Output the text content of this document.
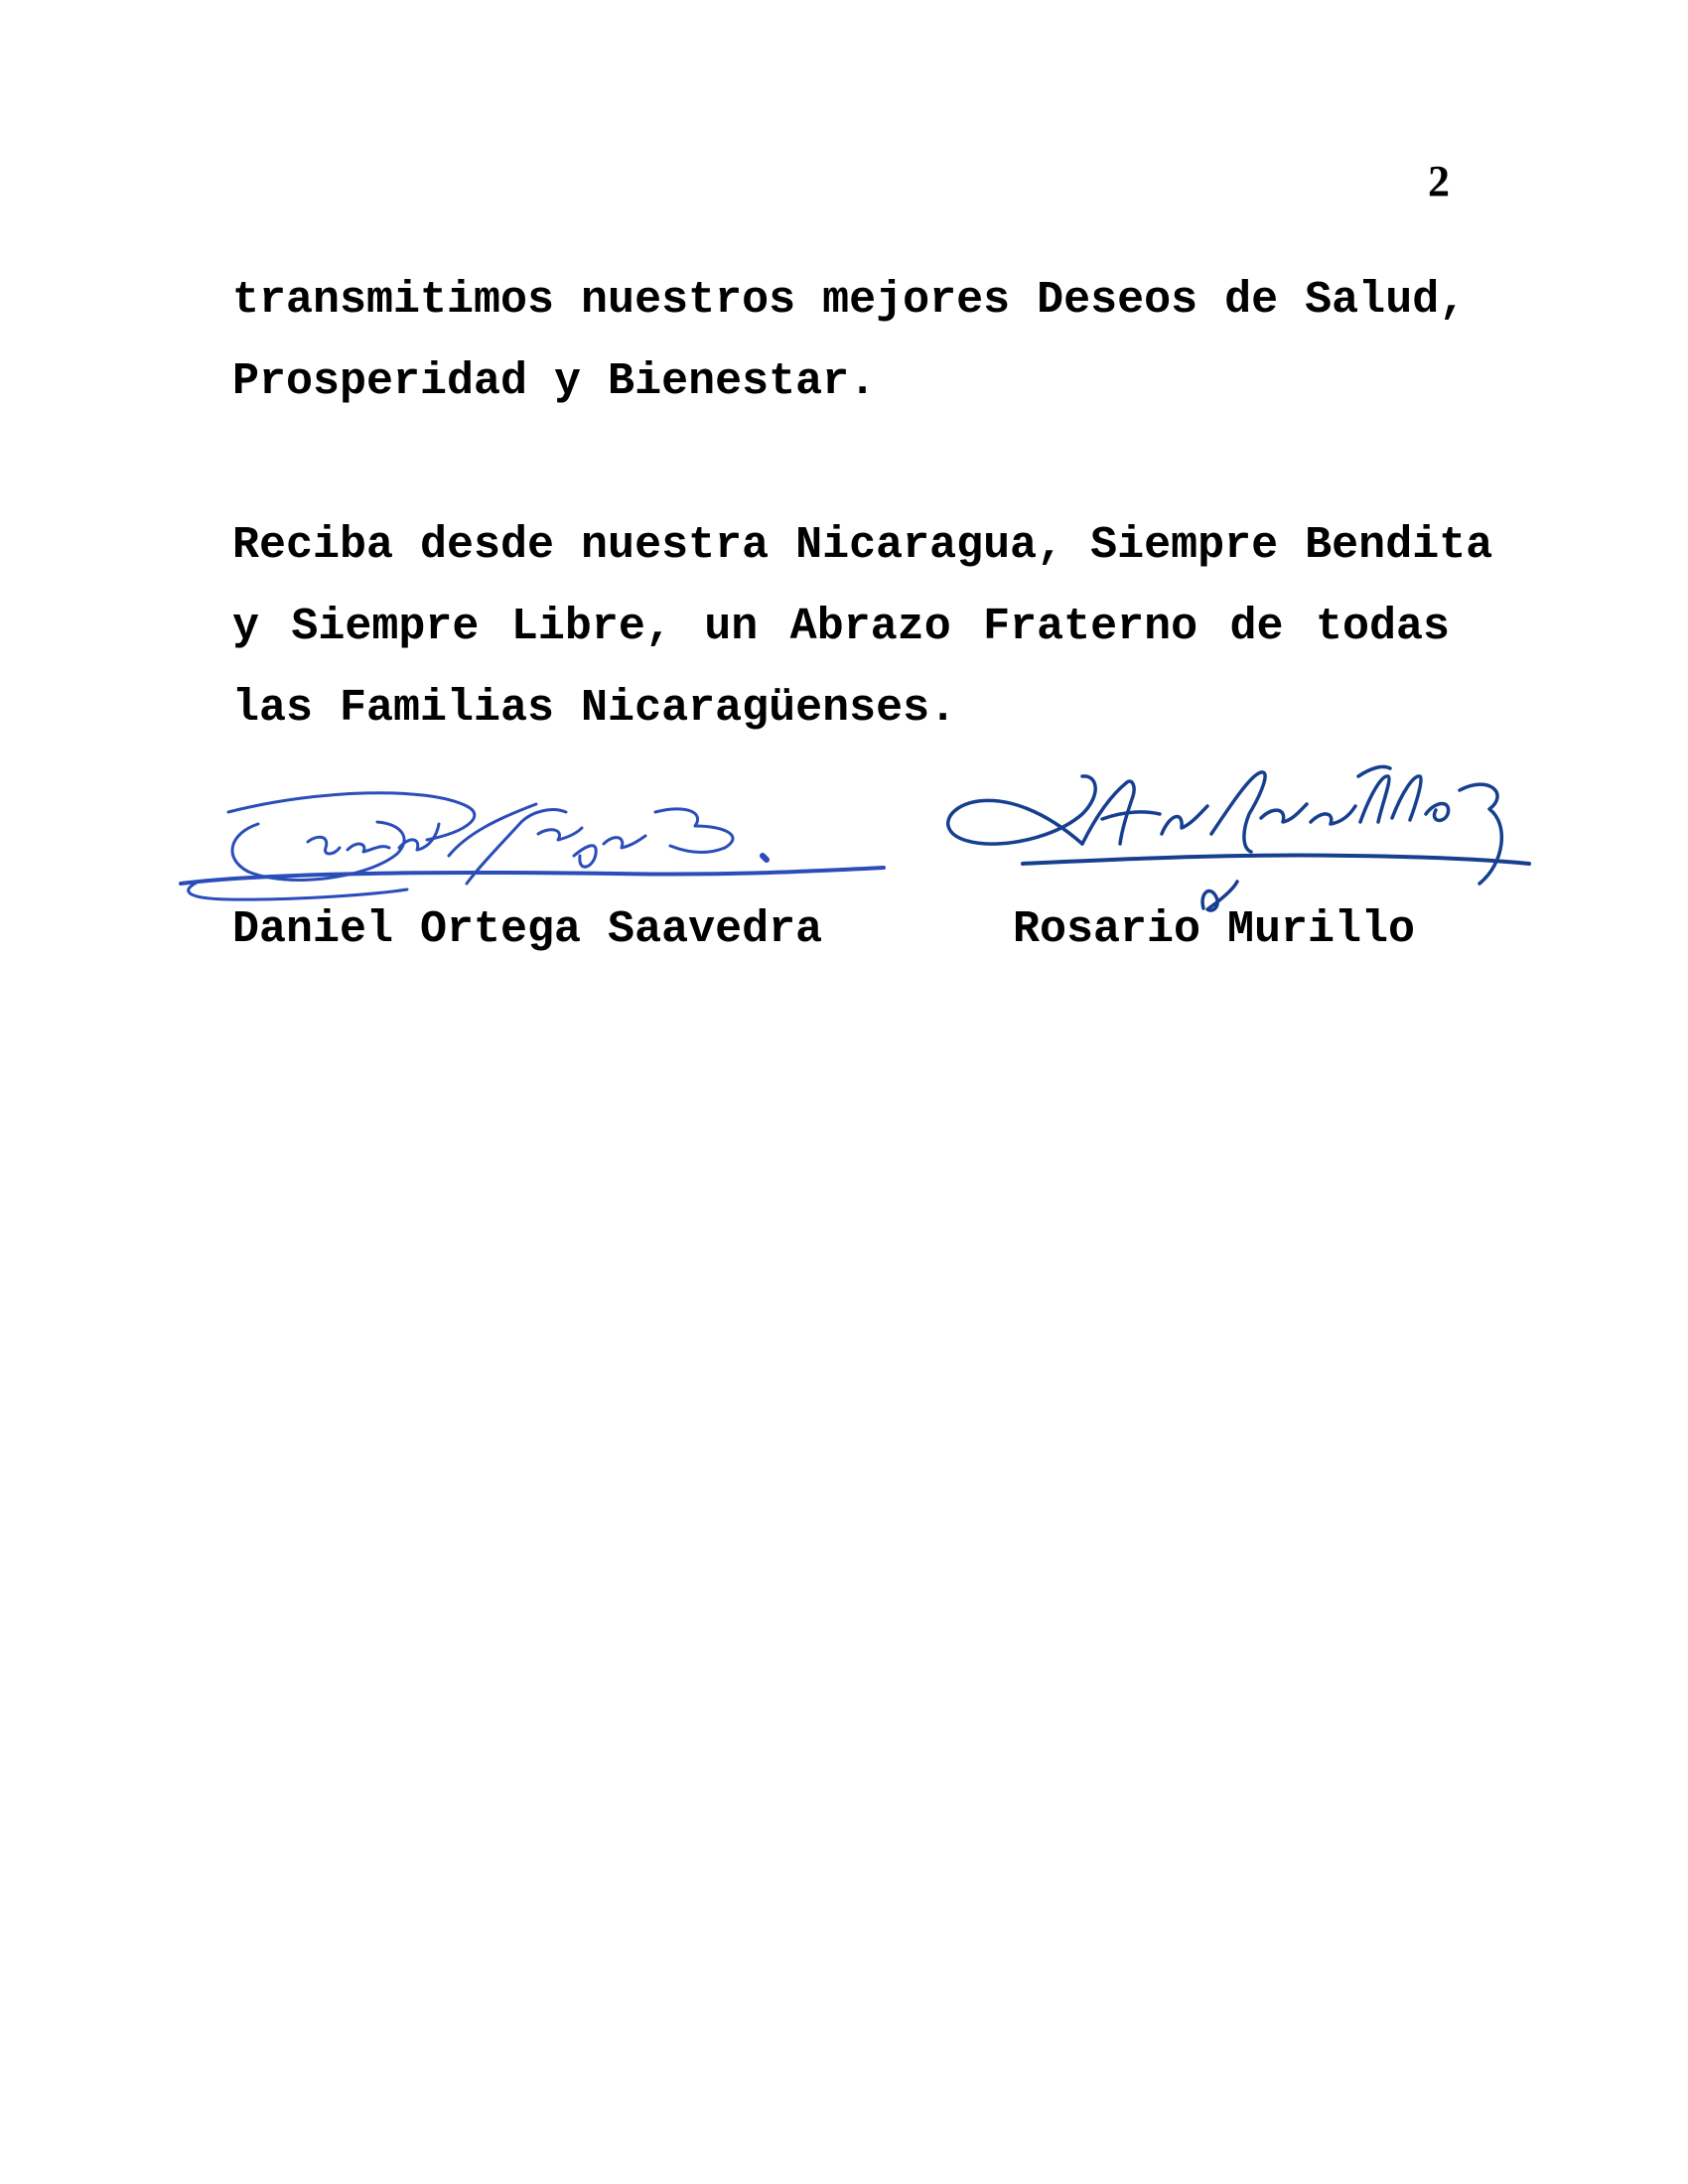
2
transmitimos nuestros mejores Deseos de Salud,
Prosperidad y Bienestar.
Reciba desde nuestra Nicaragua, Siempre Bendita
y Siempre Libre, un Abrazo Fraterno de todas
las Familias Nicaragüenses.
Daniel Ortega Saavedra	Rosario Murillo
